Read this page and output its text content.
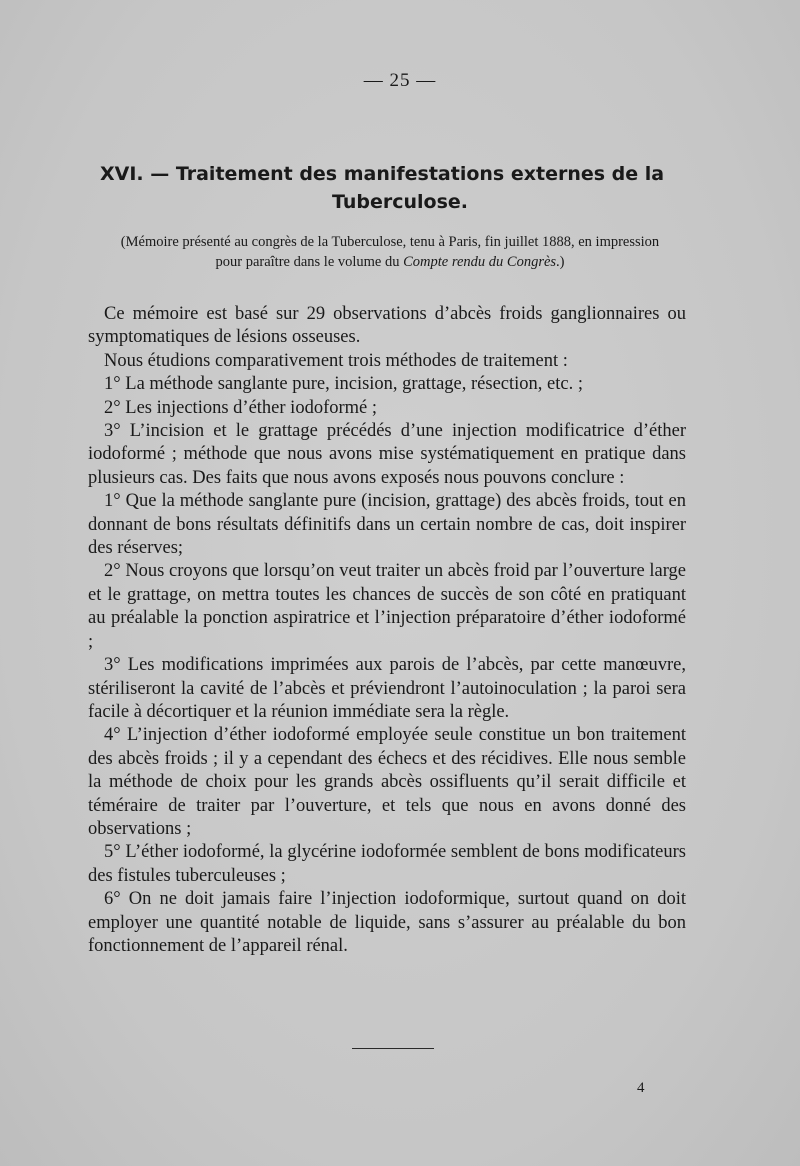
— 25 —
XVI. — Traitement des manifestations externes de la
Tuberculose.
(Mémoire présenté au congrès de la Tuberculose, tenu à Paris, fin juillet 1888, en impression pour paraître dans le volume du Compte rendu du Congrès.)

Ce mémoire est basé sur 29 observations d’abcès froids ganglionnaires ou symptomatiques de lésions osseuses.

Nous étudions comparativement trois méthodes de traitement :

1° La méthode sanglante pure, incision, grattage, résection, etc. ;

2° Les injections d’éther iodoformé ;

3° L’incision et le grattage précédés d’une injection modificatrice d’éther iodoformé ; méthode que nous avons mise systématiquement en pratique dans plusieurs cas. Des faits que nous avons exposés nous pouvons conclure :

1° Que la méthode sanglante pure (incision, grattage) des abcès froids, tout en donnant de bons résultats définitifs dans un certain nombre de cas, doit inspirer des réserves;

2° Nous croyons que lorsqu’on veut traiter un abcès froid par l’ouverture large et le grattage, on mettra toutes les chances de succès de son côté en pratiquant au préalable la ponction aspiratrice et l’injection préparatoire d’éther iodoformé ;

3° Les modifications imprimées aux parois de l’abcès, par cette manœuvre, stériliseront la cavité de l’abcès et préviendront l’autoinoculation ; la paroi sera facile à décortiquer et la réunion immédiate sera la règle.

4° L’injection d’éther iodoformé employée seule constitue un bon traitement des abcès froids ; il y a cependant des échecs et des récidives. Elle nous semble la méthode de choix pour les grands abcès ossifluents qu’il serait difficile et téméraire de traiter par l’ouverture, et tels que nous en avons donné des observations ;

5° L’éther iodoformé, la glycérine iodoformée semblent de bons modificateurs des fistules tuberculeuses ;

6° On ne doit jamais faire l’injection iodoformique, surtout quand on doit employer une quantité notable de liquide, sans s’assurer au préalable du bon fonctionnement de l’appareil rénal.

4
